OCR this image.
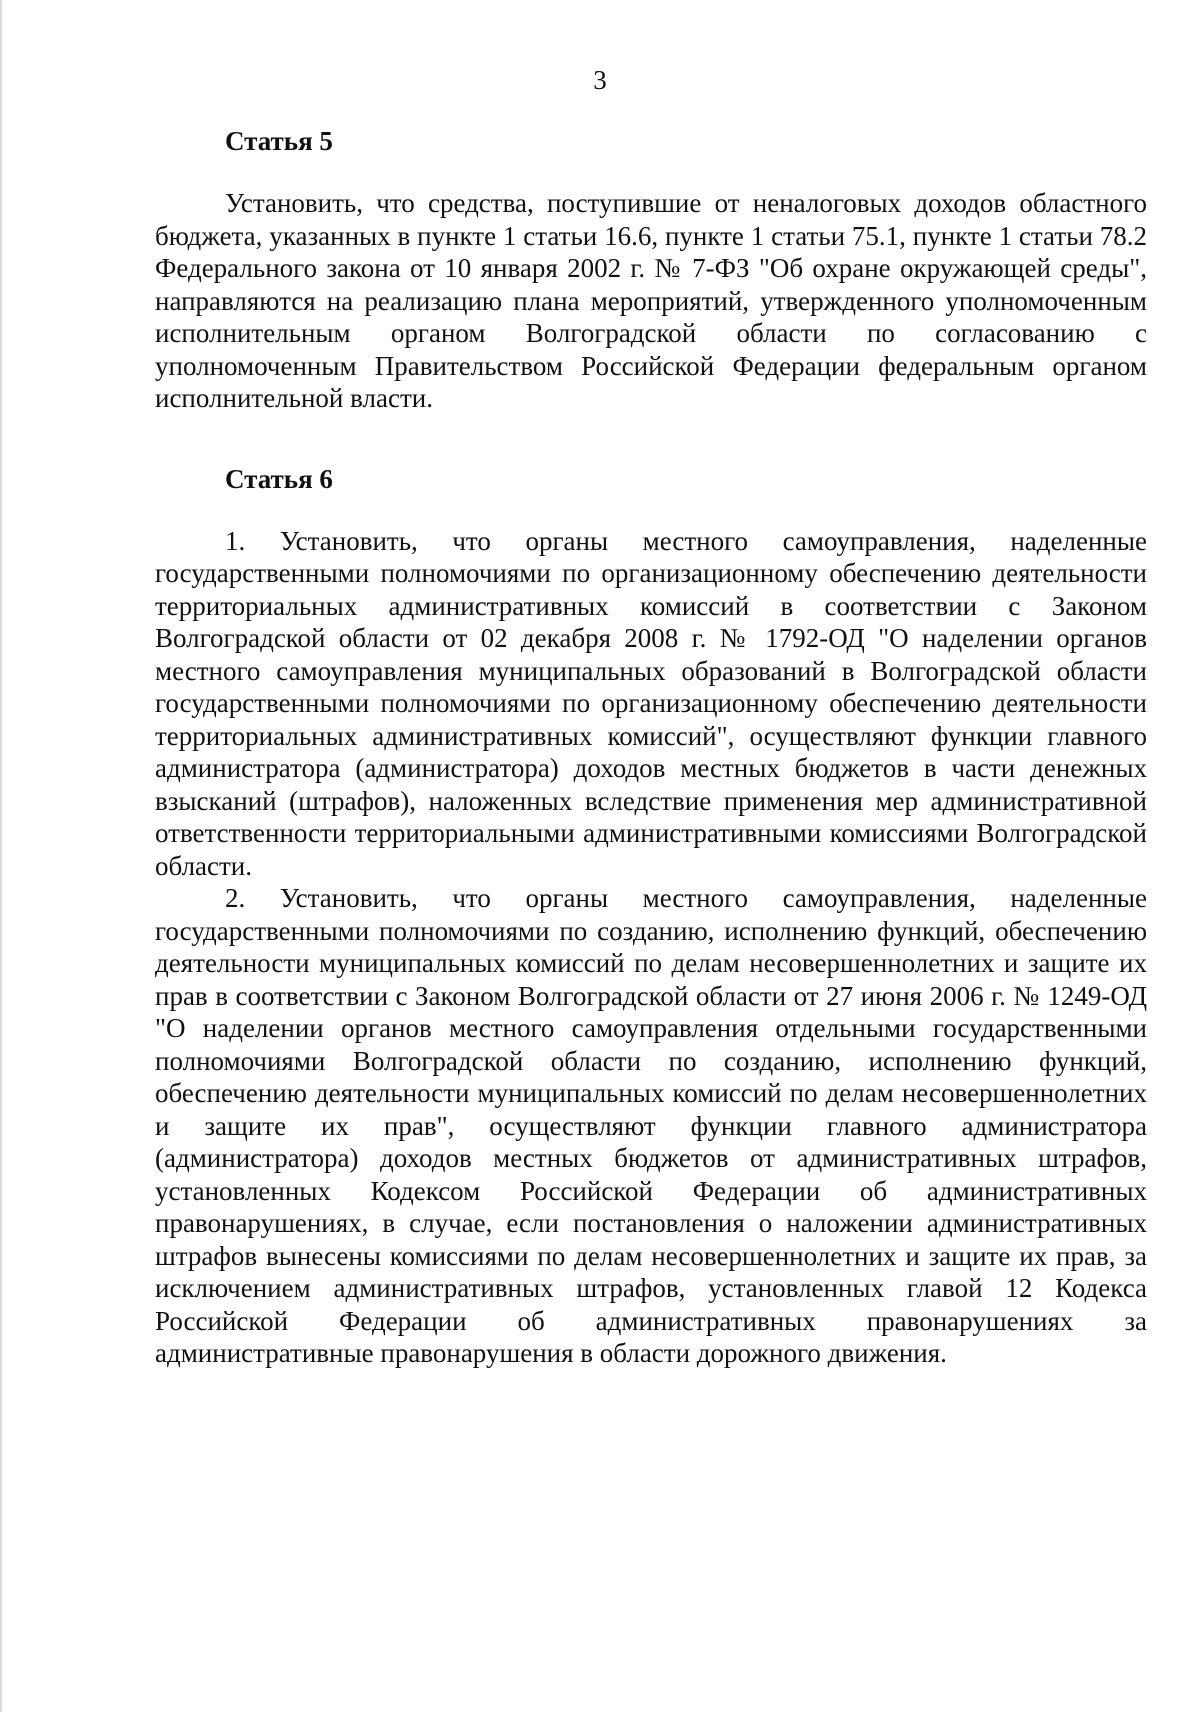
3
Статья 5

Установить, что средства, поступившие от неналоговых доходов областного бюджета, указанных в пункте 1 статьи 16.6, пункте 1 статьи 75.1, пункте 1 статьи 78.2 Федерального закона от 10 января 2002 г. № 7-ФЗ "Об охране окружающей среды", направляются на реализацию плана мероприятий, утвержденного уполномоченным исполнительным органом Волгоградской области по согласованию с уполномоченным Правительством Российской Федерации федеральным органом исполнительной власти.

Статья 6

1. Установить, что органы местного самоуправления, наделенные государственными полномочиями по организационному обеспечению деятельности территориальных административных комиссий в соответствии с Законом Волгоградской области от 02 декабря 2008 г. № 1792-ОД "О наделении органов местного самоуправления муниципальных образований в Волгоградской области государственными полномочиями по организационному обеспечению деятельности территориальных административных комиссий", осуществляют функции главного администратора (администратора) доходов местных бюджетов в части денежных взысканий (штрафов), наложенных вследствие применения мер административной ответственности территориальными административными комиссиями Волгоградской области.

2. Установить, что органы местного самоуправления, наделенные государственными полномочиями по созданию, исполнению функций, обеспечению деятельности муниципальных комиссий по делам несовершеннолетних и защите их прав в соответствии с Законом Волгоградской области от 27 июня 2006 г. № 1249-ОД "О наделении органов местного самоуправления отдельными государственными полномочиями Волгоградской области по созданию, исполнению функций, обеспечению деятельности муниципальных комиссий по делам несовершеннолетних и защите их прав", осуществляют функции главного администратора (администратора) доходов местных бюджетов от административных штрафов, установленных Кодексом Российской Федерации об административных правонарушениях, в случае, если постановления о наложении административных штрафов вынесены комиссиями по делам несовершеннолетних и защите их прав, за исключением административных штрафов, установленных главой 12 Кодекса Российской Федерации об административных правонарушениях за административные правонарушения в области дорожного движения.
